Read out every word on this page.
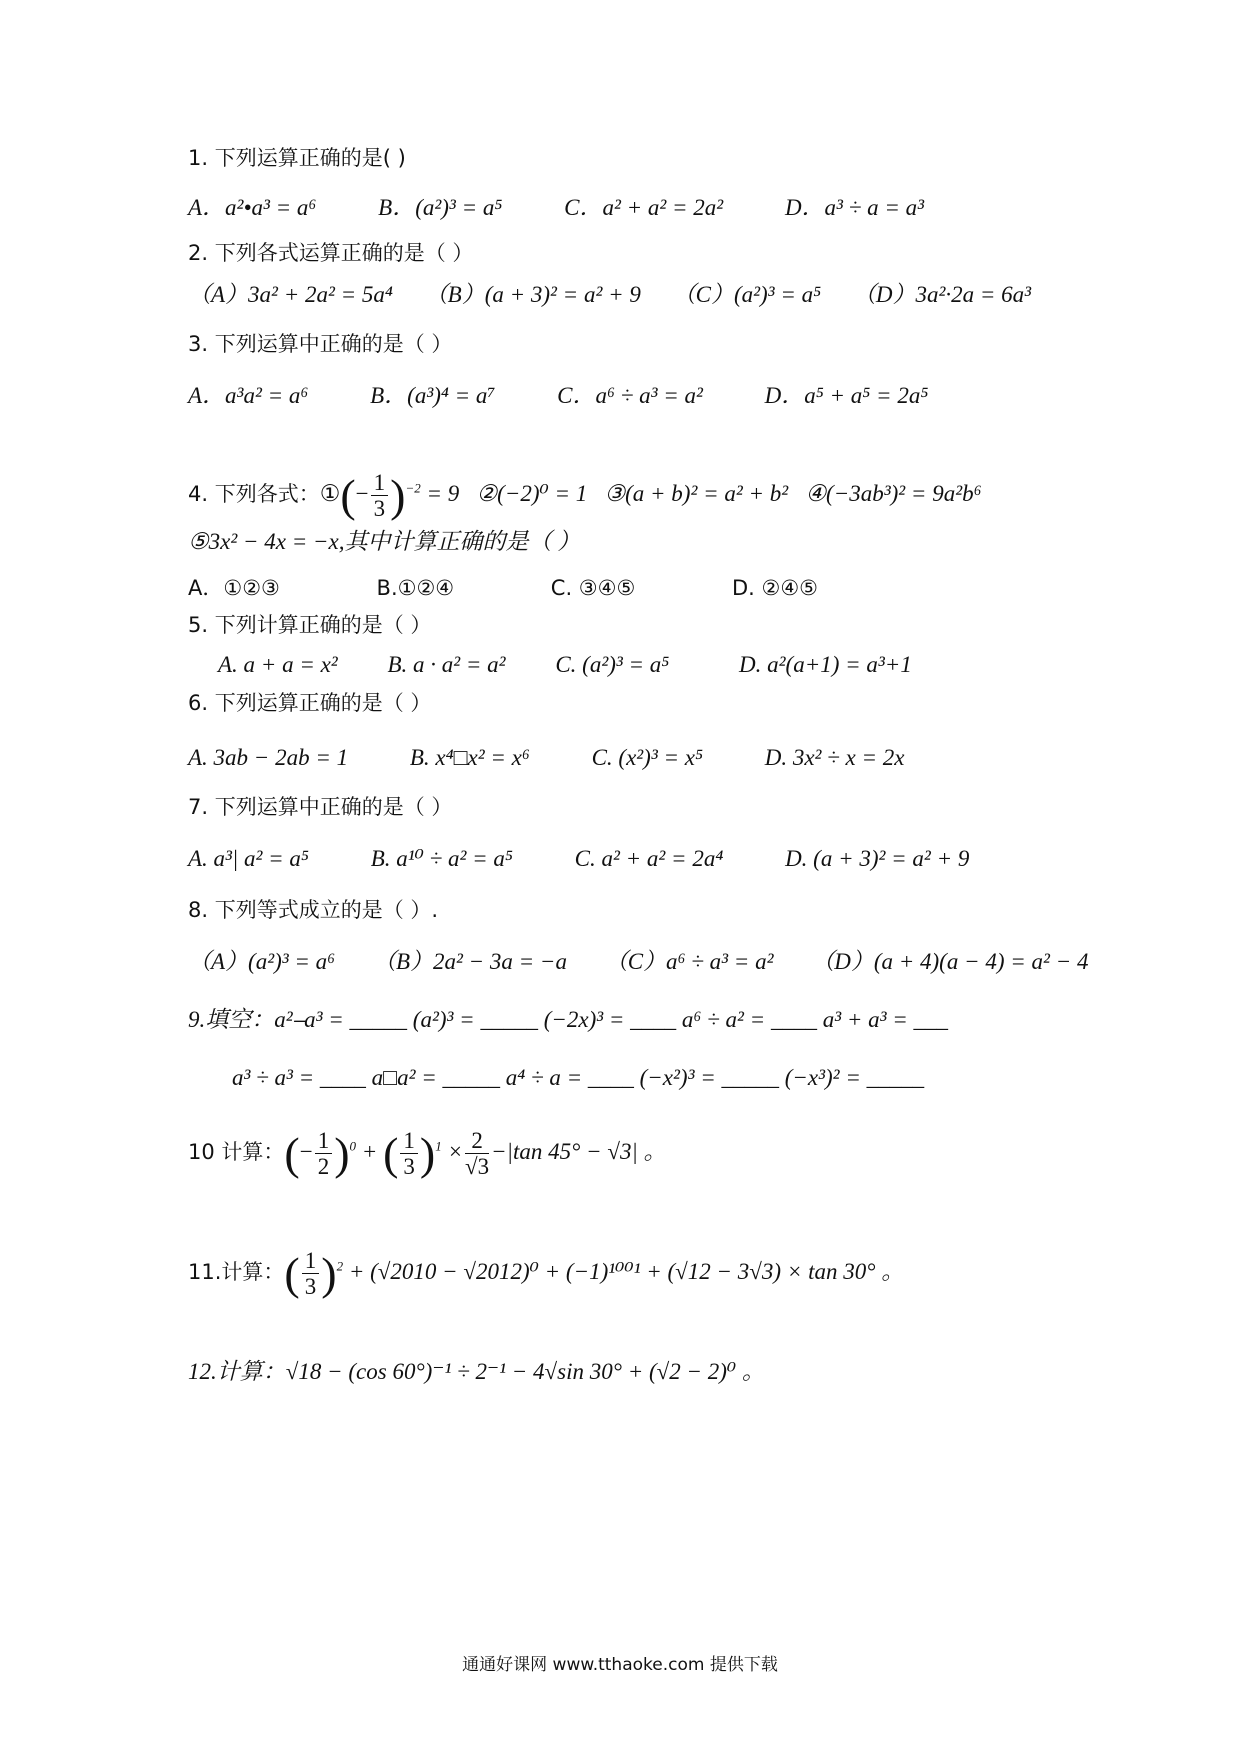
1. 下列运算正确的是( )
A．a²•a³ = a⁶	B．(a²)³ = a⁵	C．a² + a² = 2a²	D．a³ ÷ a = a³
2. 下列各式运算正确的是（ ）
（A）3a² + 2a² = 5a⁴ （B）(a + 3)² = a² + 9 （C）(a²)³ = a⁵ （D）3a²·2a = 6a³
3. 下列运算中正确的是（ ）
A．a³a² = a⁶	B．(a³)⁴ = a⁷	C．a⁶ ÷ a³ = a²	D．a⁵ + a⁵ = 2a⁵
4. 下列各式：①(− $\frac{1}{3} )^{-2} = 9$ ②(−2)⁰ = 1 ③(a + b)² = a² + b² ④(−3ab³)² = 9a²b⁶
⑤3x² − 4x = −x,其中计算正确的是（ ）
A．①②③	B.①②④	C. ③④⑤	D. ②④⑤
5. 下列计算正确的是（ ）
A. a + a = x² B. a · a² = a² C. (a²)³ = a⁵	D. a²(a+1) = a³+1
6. 下列运算正确的是（ ）
A. 3ab − 2ab = 1	B. x⁴□x² = x⁶	C. (x²)³ = x⁵	D. 3x² ÷ x = 2x
7. 下列运算中正确的是（ ）
A. a³| a² = a⁵	B. a¹⁰ ÷ a² = a⁵	C. a² + a² = 2a⁴	D. (a + 3)² = a² + 9
8. 下列等式成立的是（ ）.
（A）(a²)³ = a⁶ （B）2a² − 3a = −a （C）a⁶ ÷ a³ = a² （D）(a + 4)(a − 4) = a² − 4
9.填空：a²⎯a³ = _____ (a²)³ = _____ (−2x)³ = ____ a⁶ ÷ a² = ____ a³ + a³ = ___
a³ ÷ a³ = ____ a□a² = _____ a⁴ ÷ a = ____ (−x²)³ = _____ (−x³)² = _____
10 计算：(− $\frac{1}{2} )^0$ + ( $\frac{1}{3} )^1 \times \frac{2}{√3} -|\tan$ 45° − √3| 。
11.计算：( $\frac{1}{3} )^2 + (√2010 - √2012)^0 + (-1)^{1001} + (√12 - 3√3) \times \tan 30^\circ$ 。
12.计算：√18 − (cos 60°)⁻¹ ÷ 2⁻¹ − 4√sin 30° + (√2 − 2)⁰ 。
通通好课网 www.tthaoke.com 提供下载
